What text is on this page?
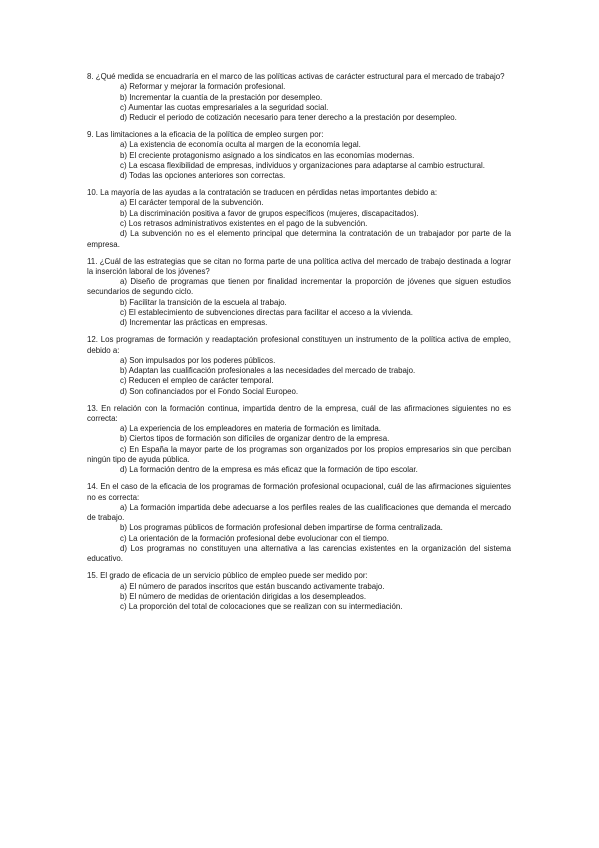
8. ¿Qué medida se encuadraría en el marco de las políticas activas de carácter estructural para el mercado de trabajo?

a) Reformar y mejorar la formación profesional.

b) Incrementar la cuantía de la prestación por desempleo.

c) Aumentar las cuotas empresariales a la seguridad social.

d) Reducir el periodo de cotización necesario para tener derecho a la prestación por desempleo.

9. Las limitaciones a la eficacia de la política de empleo surgen por:

a) La existencia de economía oculta al margen de la economía legal.

b) El creciente protagonismo asignado a los sindicatos en las economías modernas.

c) La escasa flexibilidad de empresas, individuos y organizaciones para adaptarse al cambio estructural.

d) Todas las opciones anteriores son correctas.

10. La mayoría de las ayudas a la contratación se traducen en pérdidas netas importantes debido a:

a) El carácter temporal de la subvención.

b) La discriminación positiva a favor de grupos específicos (mujeres, discapacitados).

c) Los retrasos administrativos existentes en el pago de la subvención.

d) La subvención no es el elemento principal que determina la contratación de un trabajador por parte de la empresa.

11. ¿Cuál de las estrategias que se citan no forma parte de una política activa del mercado de trabajo destinada a lograr la inserción laboral de los jóvenes?

a) Diseño de programas que tienen por finalidad incrementar la proporción de jóvenes que siguen estudios secundarios de segundo ciclo.

b) Facilitar la transición de la escuela al trabajo.

c) El establecimiento de subvenciones directas para facilitar el acceso a la vivienda.

d) Incrementar las prácticas en empresas.

12. Los programas de formación y readaptación profesional constituyen un instrumento de la política activa de empleo, debido a:

a) Son impulsados por los poderes públicos.

b) Adaptan las cualificación profesionales a las necesidades del mercado de trabajo.

c) Reducen el empleo de carácter temporal.

d) Son cofinanciados por el Fondo Social Europeo.

13. En relación con la formación continua, impartida dentro de la empresa, cuál de las afirmaciones siguientes no es correcta:

a) La experiencia de los empleadores en materia de formación es limitada.

b) Ciertos tipos de formación son difíciles de organizar dentro de la empresa.

c) En España la mayor parte de los programas son organizados por los propios empresarios sin que perciban ningún tipo de ayuda pública.

d) La formación dentro de la empresa es más eficaz que la formación de tipo escolar.

14. En el caso de la eficacia de los programas de formación profesional ocupacional, cuál de las afirmaciones siguientes no es correcta:

a) La formación impartida debe adecuarse a los perfiles reales de las cualificaciones que demanda el mercado de trabajo.

b) Los programas públicos de formación profesional deben impartirse de forma centralizada.

c) La orientación de la formación profesional debe evolucionar con el tiempo.

d) Los programas no constituyen una alternativa a las carencias existentes en la organización del sistema educativo.

15. El grado de eficacia de un servicio público de empleo puede ser medido por:

a) El número de parados inscritos que están buscando activamente trabajo.

b) El número de medidas de orientación dirigidas a los desempleados.

c) La proporción del total de colocaciones que se realizan con su intermediación.
